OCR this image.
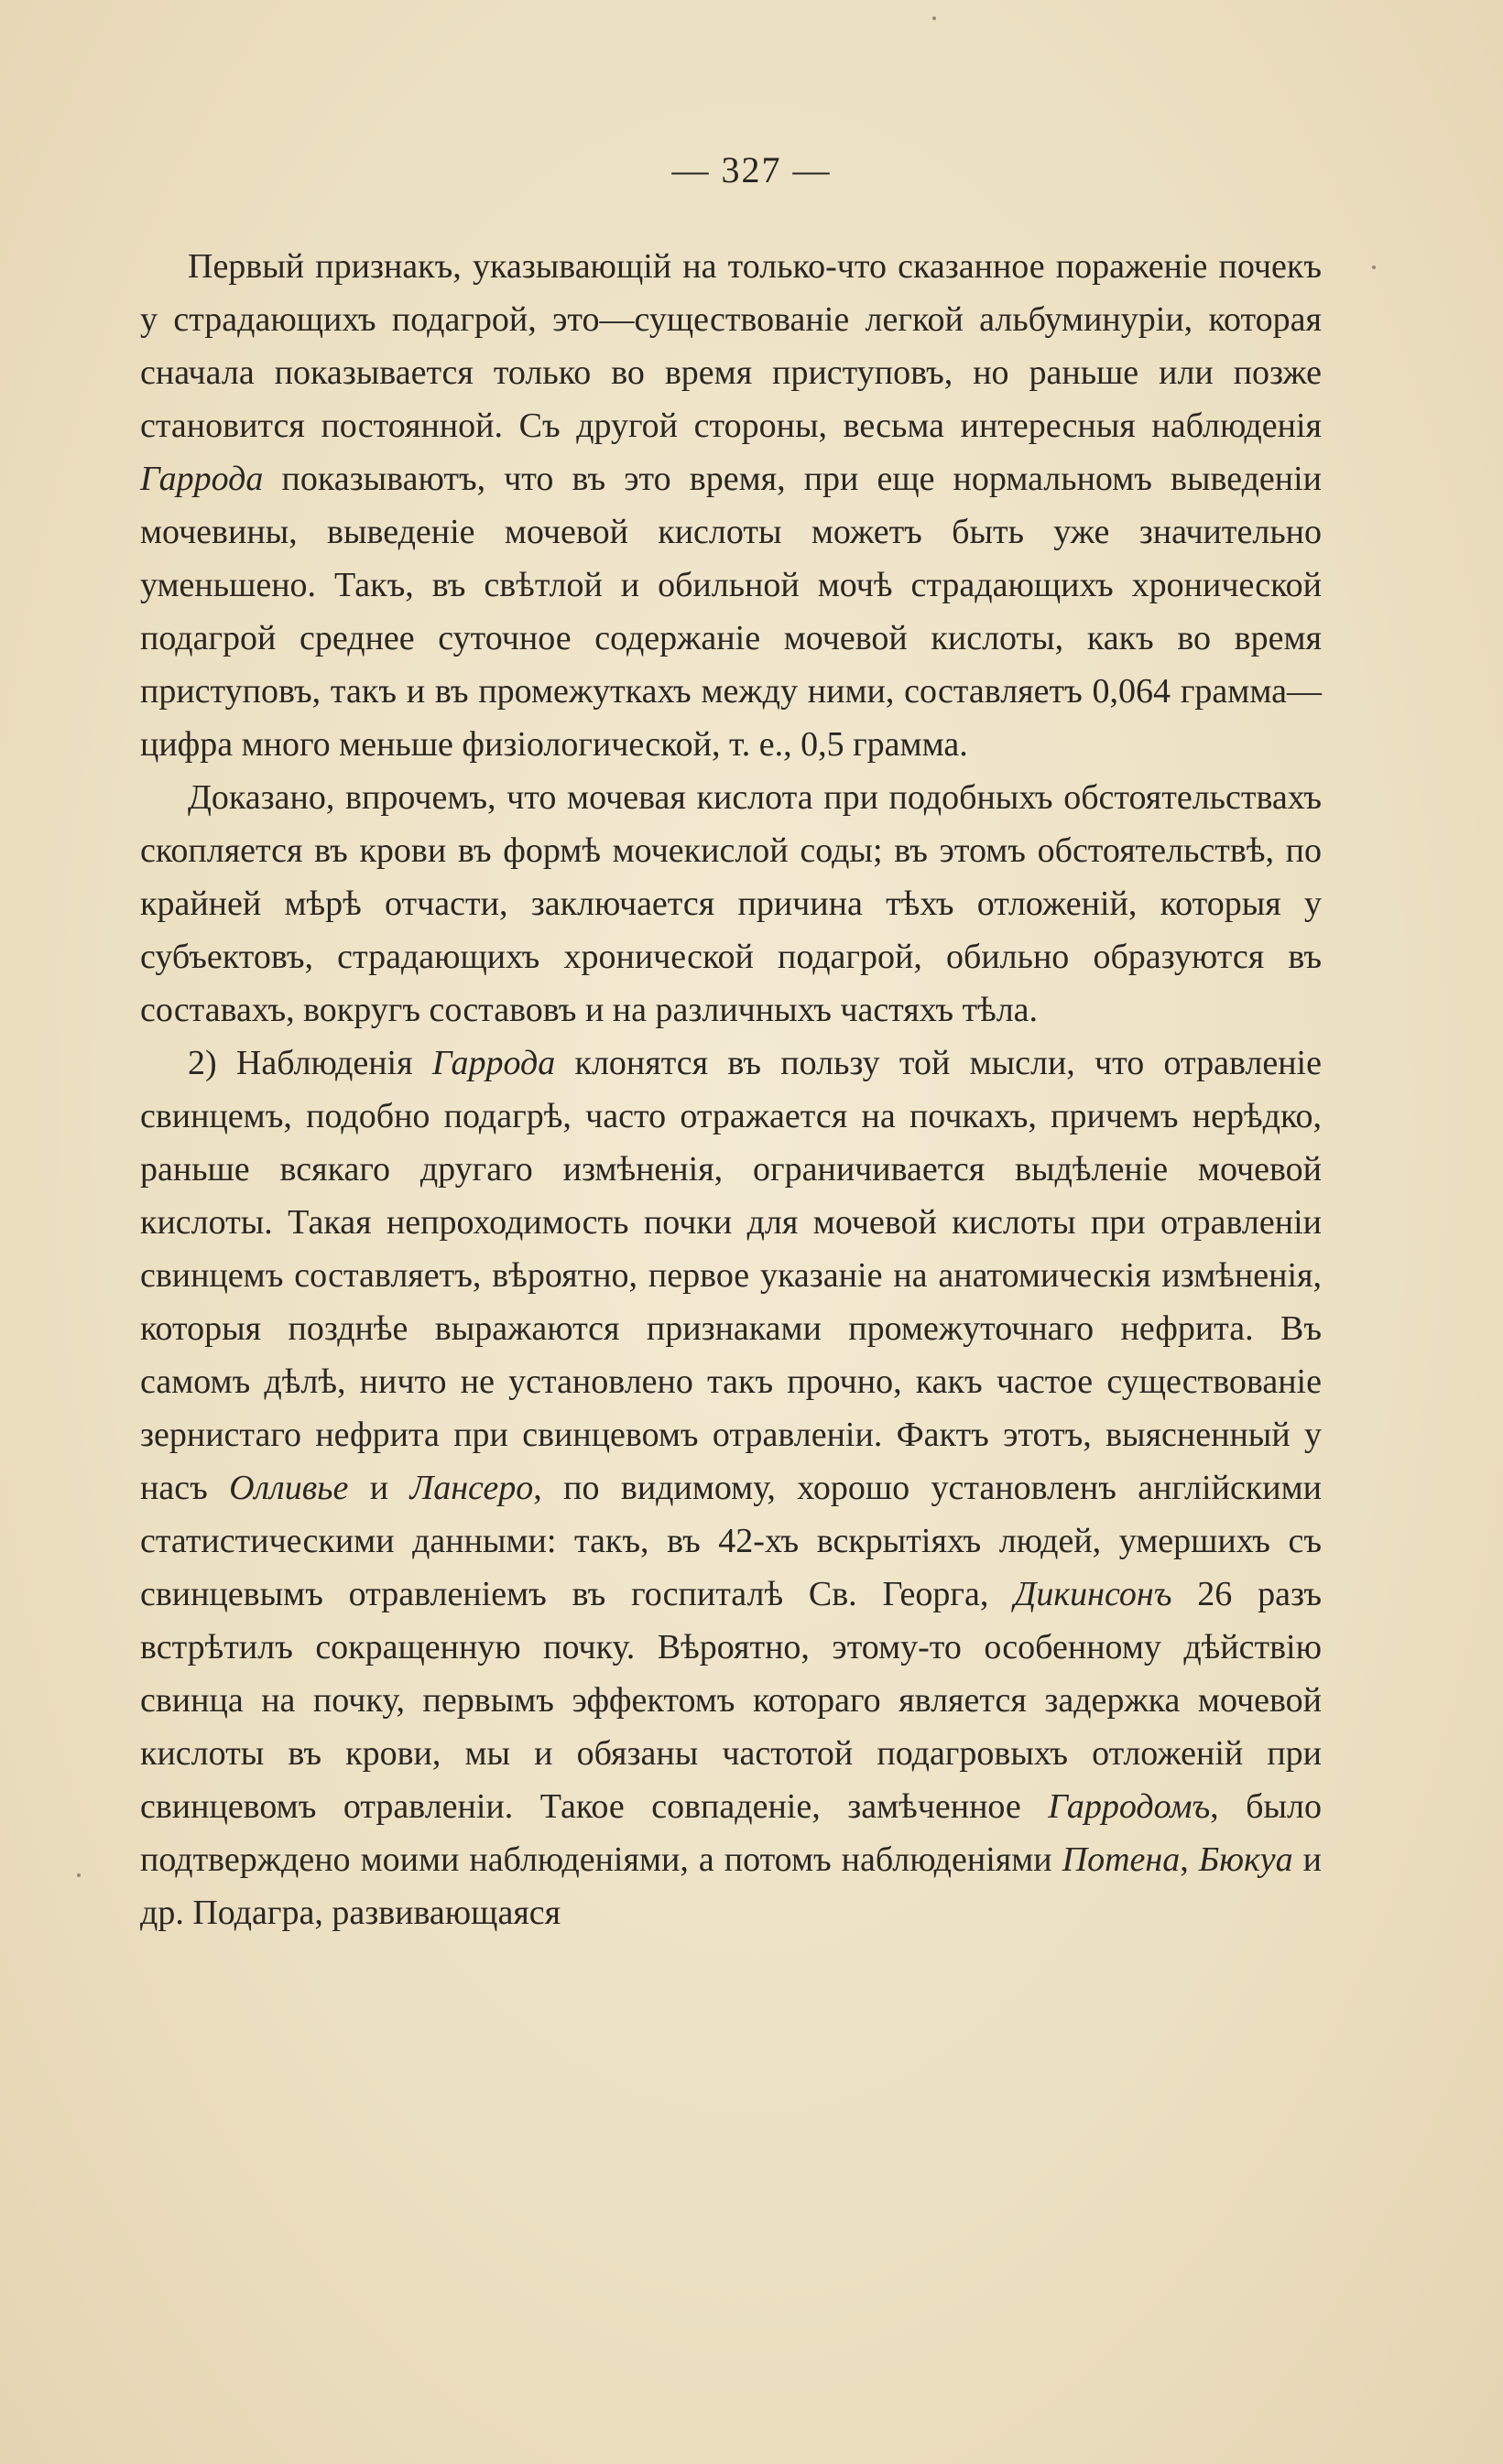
— 327 —

Первый признакъ, указывающій на только-что сказанное пораженіе почекъ у страдающихъ подагрой, это—существованіе легкой альбуминуріи, которая сначала показывается только во время приступовъ, но раньше или позже становится постоянной. Съ другой стороны, весьма интересныя наблюденія Гаррода показываютъ, что въ это время, при еще нормальномъ выведеніи мочевины, выведеніе мочевой кислоты можетъ быть уже значительно уменьшено. Такъ, въ свѣтлой и обильной мочѣ страдающихъ хронической подагрой среднее суточное содержаніе мочевой кислоты, какъ во время приступовъ, такъ и въ промежуткахъ между ними, составляетъ 0,064 грамма—цифра много меньше физіологической, т. е., 0,5 грамма.

Доказано, впрочемъ, что мочевая кислота при подобныхъ обстоятельствахъ скопляется въ крови въ формѣ мочекислой соды; въ этомъ обстоятельствѣ, по крайней мѣрѣ отчасти, заключается причина тѣхъ отложеній, которыя у субъектовъ, страдающихъ хронической подагрой, обильно образуются въ составахъ, вокругъ составовъ и на различныхъ частяхъ тѣла.

2) Наблюденія Гаррода клонятся въ пользу той мысли, что отравленіе свинцемъ, подобно подагрѣ, часто отражается на почкахъ, причемъ нерѣдко, раньше всякаго другаго измѣненія, ограничивается выдѣленіе мочевой кислоты. Такая непроходимость почки для мочевой кислоты при отравленіи свинцемъ составляетъ, вѣроятно, первое указаніе на анатомическія измѣненія, которыя позднѣе выражаются признаками промежуточнаго нефрита. Въ самомъ дѣлѣ, ничто не установлено такъ прочно, какъ частое существованіе зернистаго нефрита при свинцевомъ отравленіи. Фактъ этотъ, выясненный у насъ Олливье и Лансеро, по видимому, хорошо установленъ англійскими статистическими данными: такъ, въ 42-хъ вскрытіяхъ людей, умершихъ съ свинцевымъ отравленіемъ въ госпиталѣ Св. Георга, Дикинсонъ 26 разъ встрѣтилъ сокращенную почку. Вѣроятно, этому-то особенному дѣйствію свинца на почку, первымъ эффектомъ котораго является задержка мочевой кислоты въ крови, мы и обязаны частотой подагровыхъ отложеній при свинцевомъ отравленіи. Такое совпаденіе, замѣченное Гарродомъ, было подтверждено моими наблюденіями, а потомъ наблюденіями Потена, Бюкуа и др. Подагра, развивающаяся
